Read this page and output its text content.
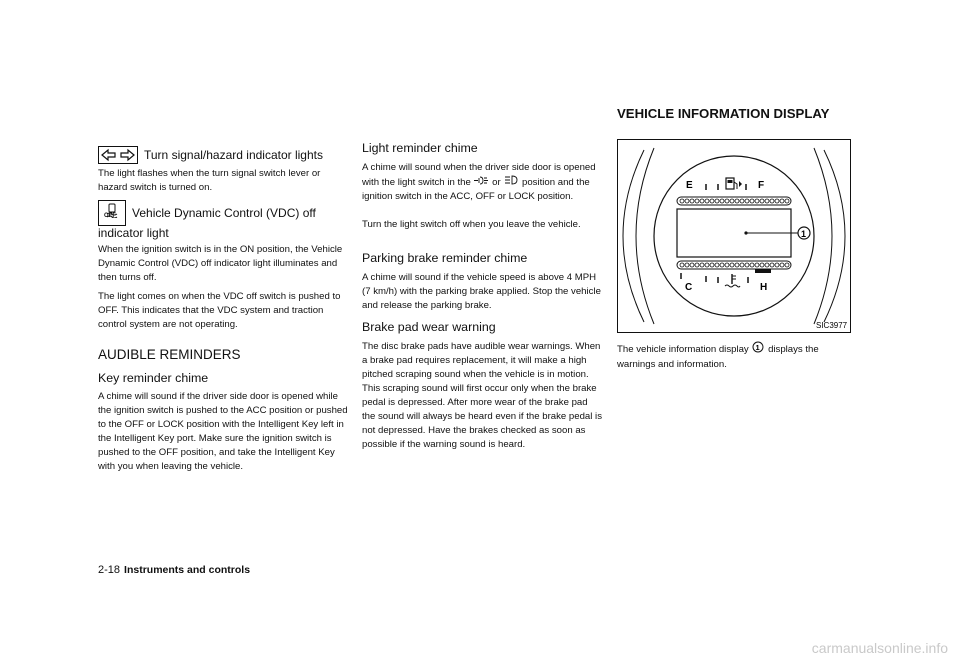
Turn signal/hazard indicator lights

The light flashes when the turn signal switch lever or hazard switch is turned on.

OFF Vehicle Dynamic Control (VDC) off
indicator light

When the ignition switch is in the ON position, the Vehicle Dynamic Control (VDC) off indicator light illuminates and then turns off.

The light comes on when the VDC off switch is pushed to OFF. This indicates that the VDC system and traction control system are not operating.

AUDIBLE REMINDERS
Key reminder chime

A chime will sound if the driver side door is opened while the ignition switch is pushed to the ACC position or pushed to the OFF or LOCK position with the Intelligent Key left in the Intelligent Key port. Make sure the ignition switch is pushed to the OFF position, and take the Intelligent Key with you when leaving the vehicle.

Light reminder chime

A chime will sound when the driver side door is opened with the light switch in the or position and the ignition switch in the ACC, OFF or LOCK position.

Turn the light switch off when you leave the vehicle.

Parking brake reminder chime

A chime will sound if the vehicle speed is above 4 MPH (7 km/h) with the parking brake applied. Stop the vehicle and release the parking brake.

Brake pad wear warning

The disc brake pads have audible wear warnings. When a brake pad requires replacement, it will make a high pitched scraping sound when the vehicle is in motion. This scraping sound will first occur only when the brake pedal is depressed. After more wear of the brake pad the sound will always be heard even if the brake pedal is not depressed. Have the brakes checked as soon as possible if the warning sound is heard.

VEHICLE INFORMATION DISPLAY
E	F
C	H
1
SIC3977

The vehicle information display 1 displays the warnings and information.

2-18 Instruments and controls
carmanualsonline.info
